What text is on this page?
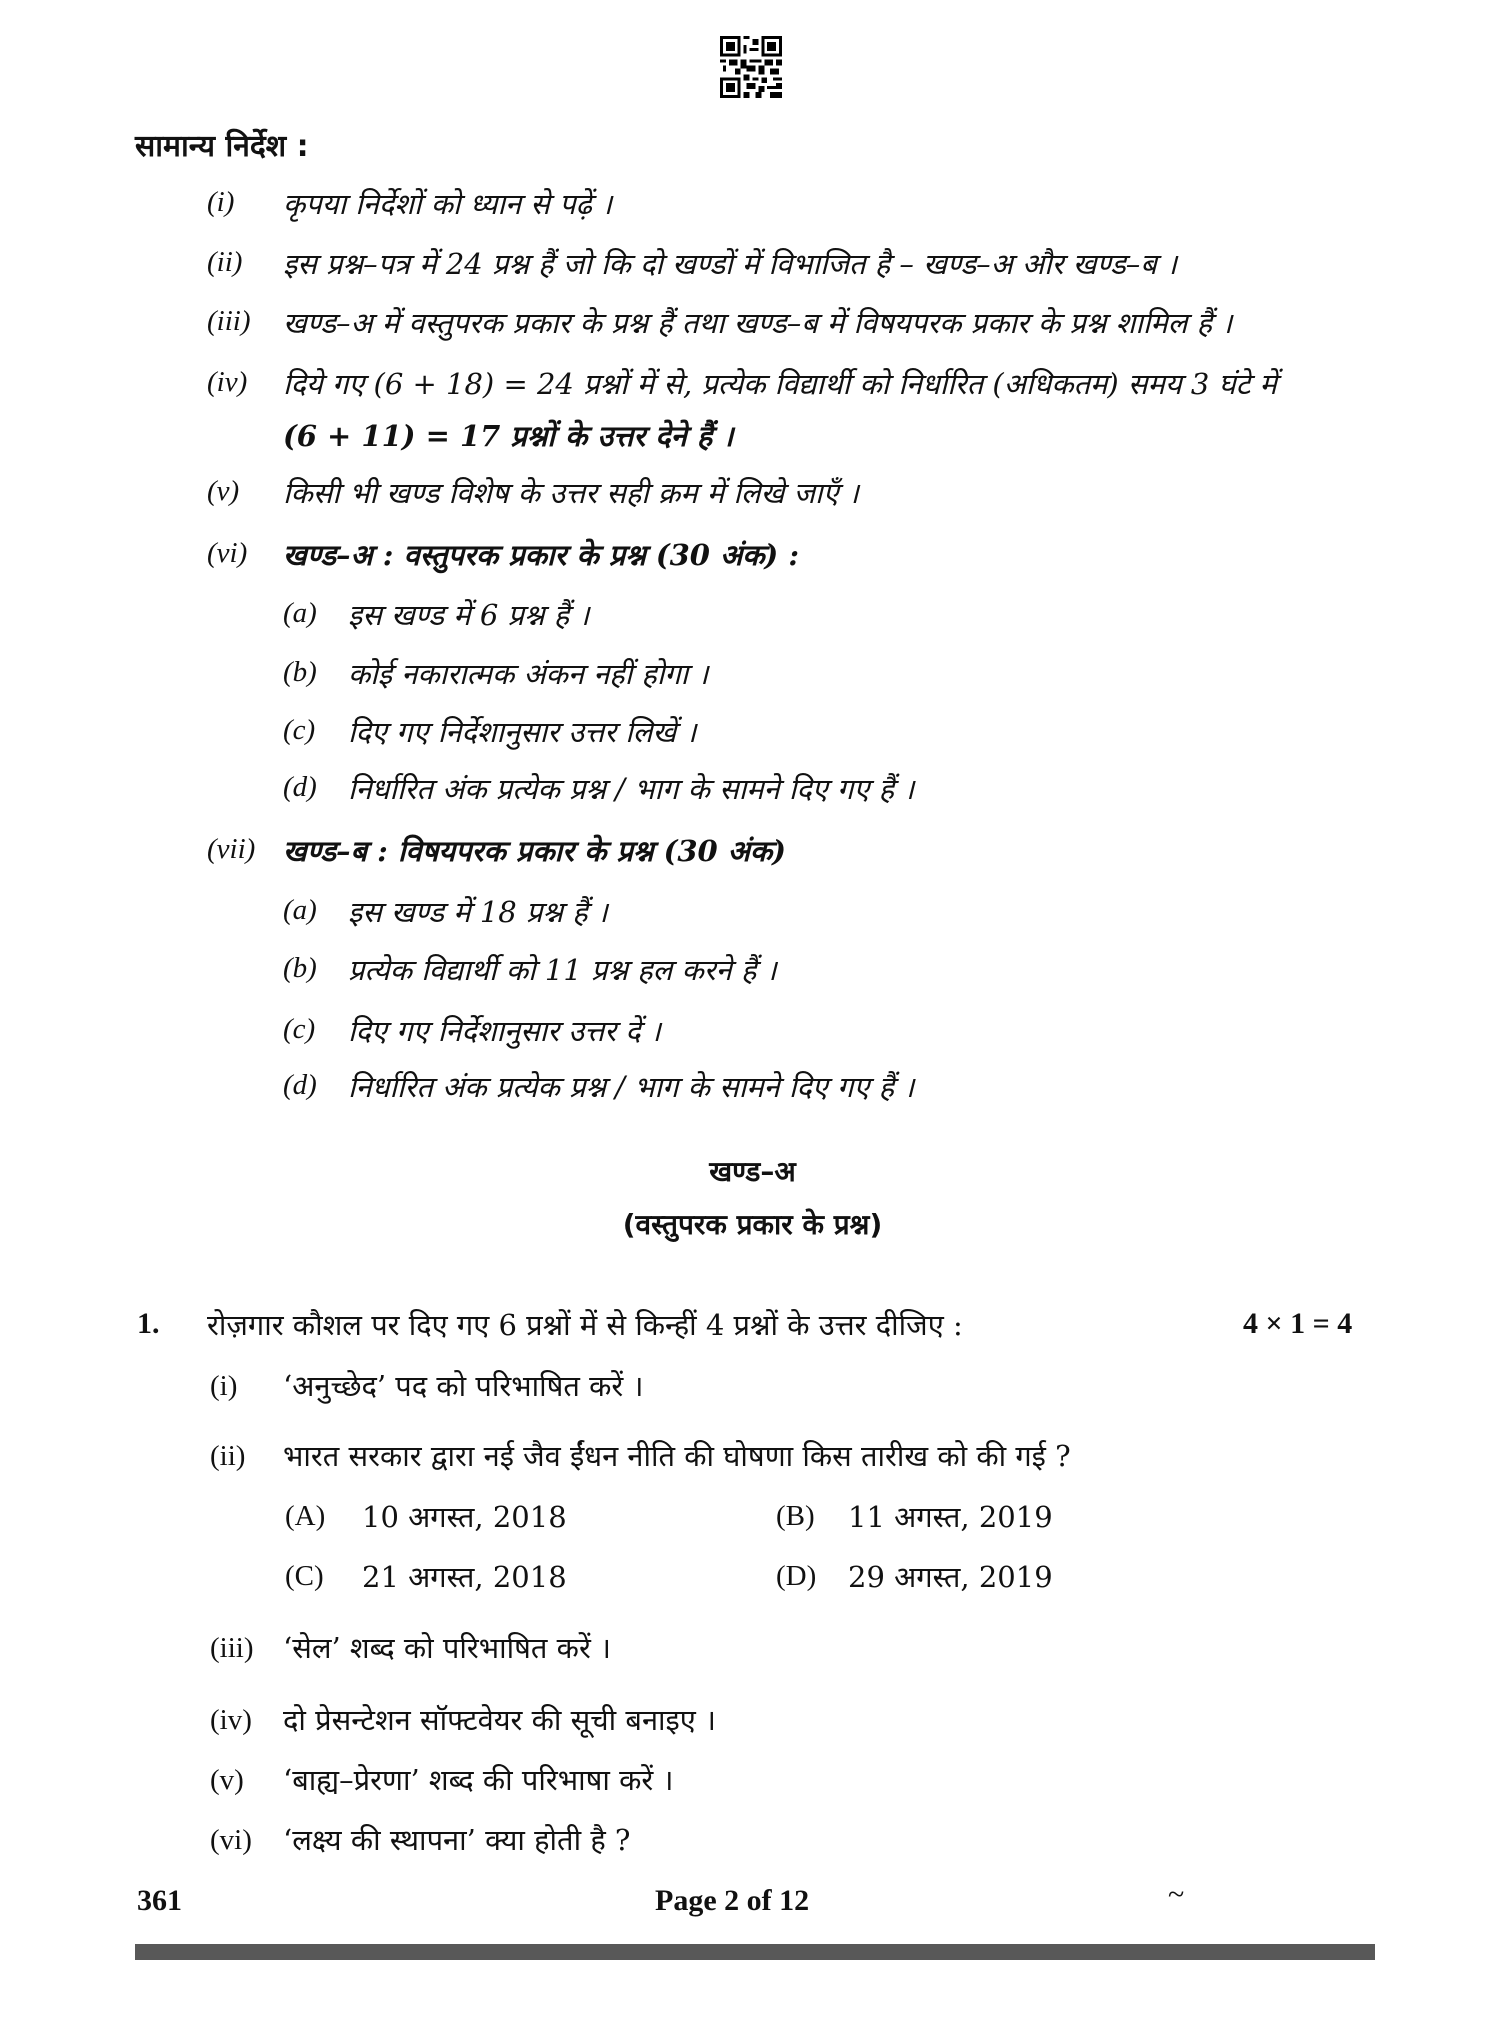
सामान्य निर्देश :
(i) कृपया निर्देशों को ध्यान से पढ़ें ।
(ii) इस प्रश्न–पत्र में 24 प्रश्न हैं जो कि दो खण्डों में विभाजित है – खण्ड–अ और खण्ड–ब ।
(iii) खण्ड–अ में वस्तुपरक प्रकार के प्रश्न हैं तथा खण्ड–ब में विषयपरक प्रकार के प्रश्न शामिल हैं ।
(iv) दिये गए (6 + 18) = 24 प्रश्नों में से, प्रत्येक विद्यार्थी को निर्धारित (अधिकतम) समय 3 घंटे में
(6 + 11) = 17 प्रश्नों के उत्तर देने हैं ।
(v) किसी भी खण्ड विशेष के उत्तर सही क्रम में लिखे जाएँ ।
(vi) खण्ड–अ : वस्तुपरक प्रकार के प्रश्न (30 अंक) :
(a) इस खण्ड में 6 प्रश्न हैं ।
(b) कोई नकारात्मक अंकन नहीं होगा ।
(c) दिए गए निर्देशानुसार उत्तर लिखें ।
(d) निर्धारित अंक प्रत्येक प्रश्न / भाग के सामने दिए गए हैं ।
(vii) खण्ड–ब : विषयपरक प्रकार के प्रश्न (30 अंक)
(a) इस खण्ड में 18 प्रश्न हैं ।
(b) प्रत्येक विद्यार्थी को 11 प्रश्न हल करने हैं ।
(c) दिए गए निर्देशानुसार उत्तर दें ।
(d) निर्धारित अंक प्रत्येक प्रश्न / भाग के सामने दिए गए हैं ।
खण्ड–अ
(वस्तुपरक प्रकार के प्रश्न)
1. रोज़गार कौशल पर दिए गए 6 प्रश्नों में से किन्हीं 4 प्रश्नों के उत्तर दीजिए :	4 × 1 = 4
(i) ‘अनुच्छेद’ पद को परिभाषित करें ।
(ii) भारत सरकार द्वारा नई जैव ईंधन नीति की घोषणा किस तारीख को की गई ?
(A) 10 अगस्त, 2018	(B) 11 अगस्त, 2019
(C) 21 अगस्त, 2018	(D) 29 अगस्त, 2019
(iii) ‘सेल’ शब्द को परिभाषित करें ।
(iv) दो प्रेसन्टेशन सॉफ्टवेयर की सूची बनाइए ।
(v) ‘बाह्य–प्रेरणा’ शब्द की परिभाषा करें ।
(vi) ‘लक्ष्य की स्थापना’ क्या होती है ?
361	Page 2 of 12	~
